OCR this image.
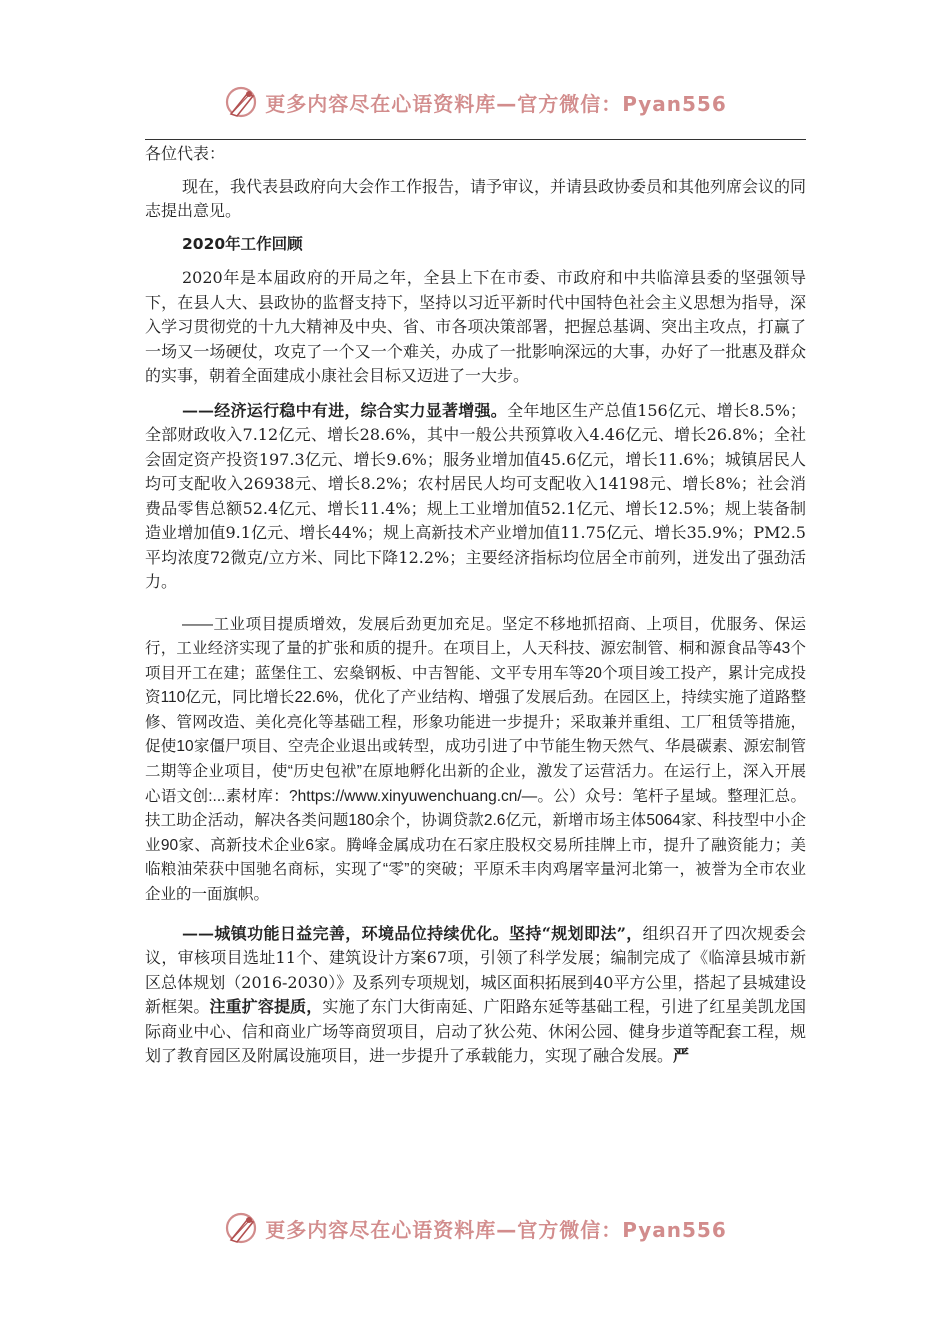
更多内容尽在心语资料库—官方微信：Pyan556

各位代表：

现在，我代表县政府向大会作工作报告，请予审议，并请县政协委员和其他列席会议的同志提出意见。

2020年工作回顾

2020年是本届政府的开局之年，全县上下在市委、市政府和中共临漳县委的坚强领导下，在县人大、县政协的监督支持下，坚持以习近平新时代中国特色社会主义思想为指导，深入学习贯彻党的十九大精神及中央、省、市各项决策部署，把握总基调、突出主攻点，打赢了一场又一场硬仗，攻克了一个又一个难关，办成了一批影响深远的大事，办好了一批惠及群众的实事，朝着全面建成小康社会目标又迈进了一大步。

——经济运行稳中有进，综合实力显著增强。全年地区生产总值156亿元、增长8.5%；全部财政收入7.12亿元、增长28.6%，其中一般公共预算收入4.46亿元、增长26.8%；全社会固定资产投资197.3亿元、增长9.6%；服务业增加值45.6亿元，增长11.6%；城镇居民人均可支配收入26938元、增长8.2%；农村居民人均可支配收入14198元、增长8%；社会消费品零售总额52.4亿元、增长11.4%；规上工业增加值52.1亿元、增长12.5%；规上装备制造业增加值9.1亿元、增长44%；规上高新技术产业增加值11.75亿元、增长35.9%；PM2.5平均浓度72微克/立方米、同比下降12.2%；主要经济指标均位居全市前列，迸发出了强劲活力。

——工业项目提质增效，发展后劲更加充足。坚定不移地抓招商、上项目，优服务、保运行，工业经济实现了量的扩张和质的提升。在项目上，人天科技、源宏制管、桐和源食品等43个项目开工在建；蓝堡住工、宏燊钢板、中吉智能、文平专用车等20个项目竣工投产，累计完成投资110亿元，同比增长22.6%，优化了产业结构、增强了发展后劲。在园区上，持续实施了道路整修、管网改造、美化亮化等基础工程，形象功能进一步提升；采取兼并重组、工厂租赁等措施，促使10家僵尸项目、空壳企业退出或转型，成功引进了中节能生物天然气、华晨碳素、源宏制管二期等企业项目，使“历史包袱”在原地孵化出新的企业，激发了运营活力。在运行上，深入开展心语文创:...素材库：?https://www.xinyuwenchuang.cn/—。公）众号：笔杆子星域。整理汇总。扶工助企活动，解决各类问题180余个，协调贷款2.6亿元，新增市场主体5064家、科技型中小企业90家、高新技术企业6家。腾峰金属成功在石家庄股权交易所挂牌上市，提升了融资能力；美临粮油荣获中国驰名商标，实现了“零”的突破；平原禾丰肉鸡屠宰量河北第一，被誉为全市农业企业的一面旗帜。

——城镇功能日益完善，环境品位持续优化。坚持“规划即法”，组织召开了四次规委会议，审核项目选址11个、建筑设计方案67项，引领了科学发展；编制完成了《临漳县城市新区总体规划（2016-2030）》及系列专项规划，城区面积拓展到40平方公里，搭起了县城建设新框架。注重扩容提质，实施了东门大街南延、广阳路东延等基础工程，引进了红星美凯龙国际商业中心、信和商业广场等商贸项目，启动了狄公苑、休闲公园、健身步道等配套工程，规划了教育园区及附属设施项目，进一步提升了承载能力，实现了融合发展。严

更多内容尽在心语资料库—官方微信：Pyan556
